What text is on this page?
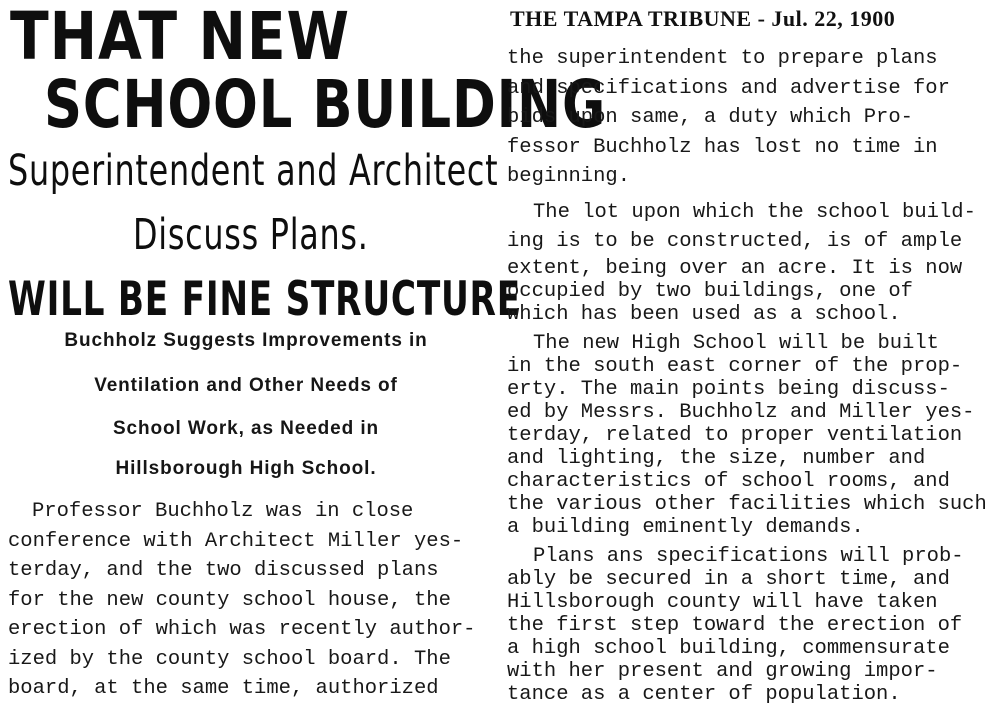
THAT NEW
SCHOOL BUILDING
Superintendent and Architect
Discuss Plans.
WILL BE FINE STRUCTURE
Buchholz Suggests Improvements in
Ventilation and Other Needs of
School Work, as Needed in
Hillsborough High School.
Professor Buchholz was in close
conference with Architect Miller yes-
terday, and the two discussed plans
for the new county school house, the
erection of which was recently author-
ized by the county school board. The
board, at the same time, authorized
THE TAMPA TRIBUNE - Jul. 22, 1900
the superintendent to prepare plans
and specifications and advertise for
bids upon same, a duty which Pro-
fessor Buchholz has lost no time in
beginning.
The lot upon which the school build-
ing is to be constructed, is of ample
extent, being over an acre. It is now
occupied by two buildings, one of
which has been used as a school.
The new High School will be built
in the south east corner of the prop-
erty. The main points being discuss-
ed by Messrs. Buchholz and Miller yes-
terday, related to proper ventilation
and lighting, the size, number and
characteristics of school rooms, and
the various other facilities which such
a building eminently demands.
Plans ans specifications will prob-
ably be secured in a short time, and
Hillsborough county will have taken
the first step toward the erection of
a high school building, commensurate
with her present and growing impor-
tance as a center of population.
